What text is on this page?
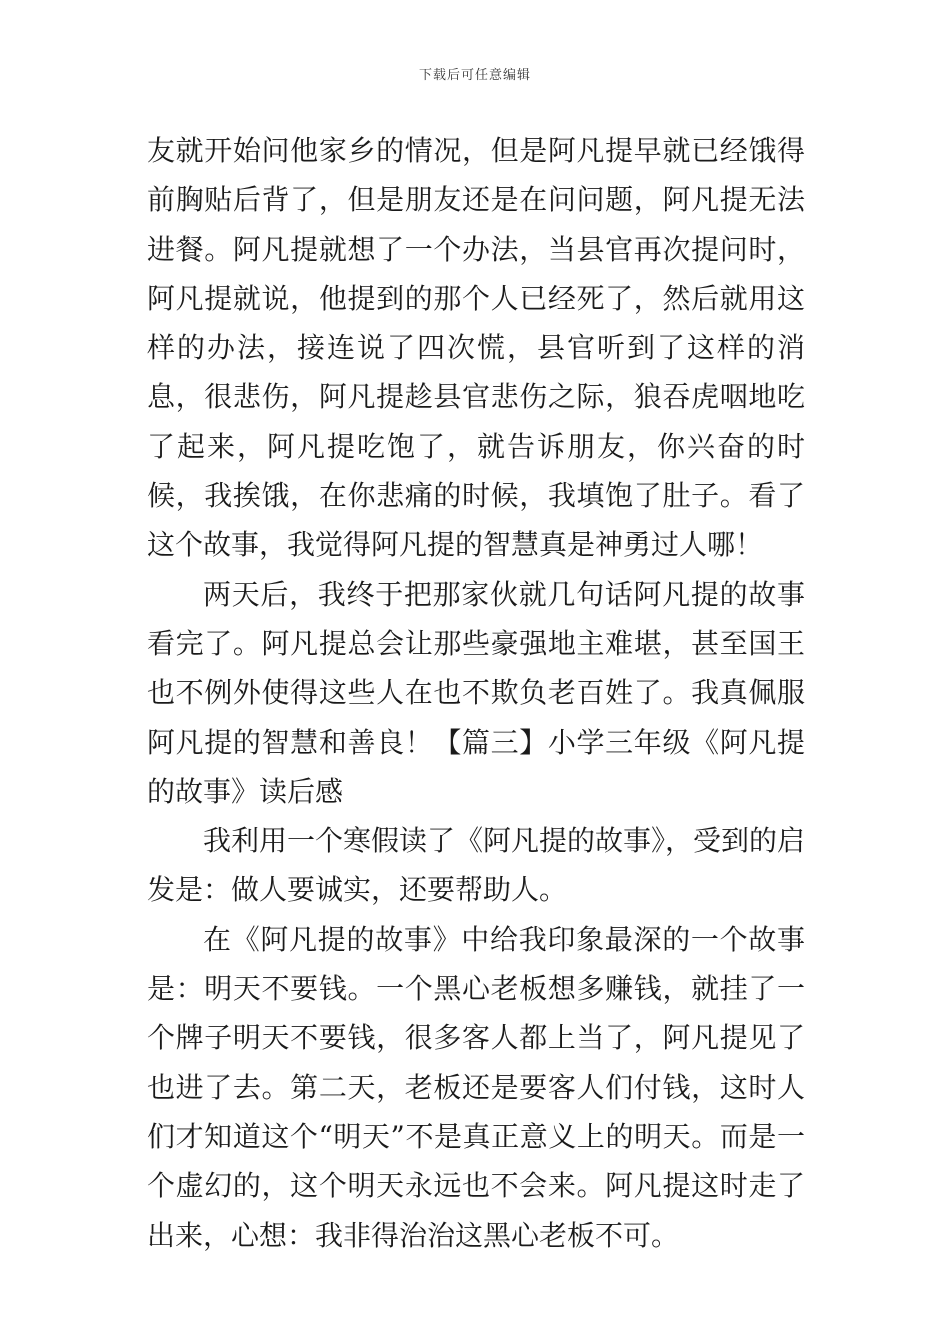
下载后可任意编辑

友就开始问他家乡的情况，但是阿凡提早就已经饿得前胸贴后背了，但是朋友还是在问问题，阿凡提无法进餐。阿凡提就想了一个办法，当县官再次提问时，阿凡提就说，他提到的那个人已经死了，然后就用这样的办法，接连说了四次慌，县官听到了这样的消息，很悲伤，阿凡提趁县官悲伤之际，狼吞虎咽地吃了起来，阿凡提吃饱了，就告诉朋友，你兴奋的时候，我挨饿，在你悲痛的时候，我填饱了肚子。看了这个故事，我觉得阿凡提的智慧真是神勇过人哪！

两天后，我终于把那家伙就几句话阿凡提的故事看完了。阿凡提总会让那些豪强地主难堪，甚至国王也不例外使得这些人在也不欺负老百姓了。我真佩服阿凡提的智慧和善良！【篇三】小学三年级《阿凡提的故事》读后感

我利用一个寒假读了《阿凡提的故事》，受到的启发是：做人要诚实，还要帮助人。

在《阿凡提的故事》中给我印象最深的一个故事是：明天不要钱。一个黑心老板想多赚钱，就挂了一个牌子明天不要钱，很多客人都上当了，阿凡提见了也进了去。第二天，老板还是要客人们付钱，这时人们才知道这个“明天”不是真正意义上的明天。而是一个虚幻的，这个明天永远也不会来。阿凡提这时走了出来，心想：我非得治治这黑心老板不可。
